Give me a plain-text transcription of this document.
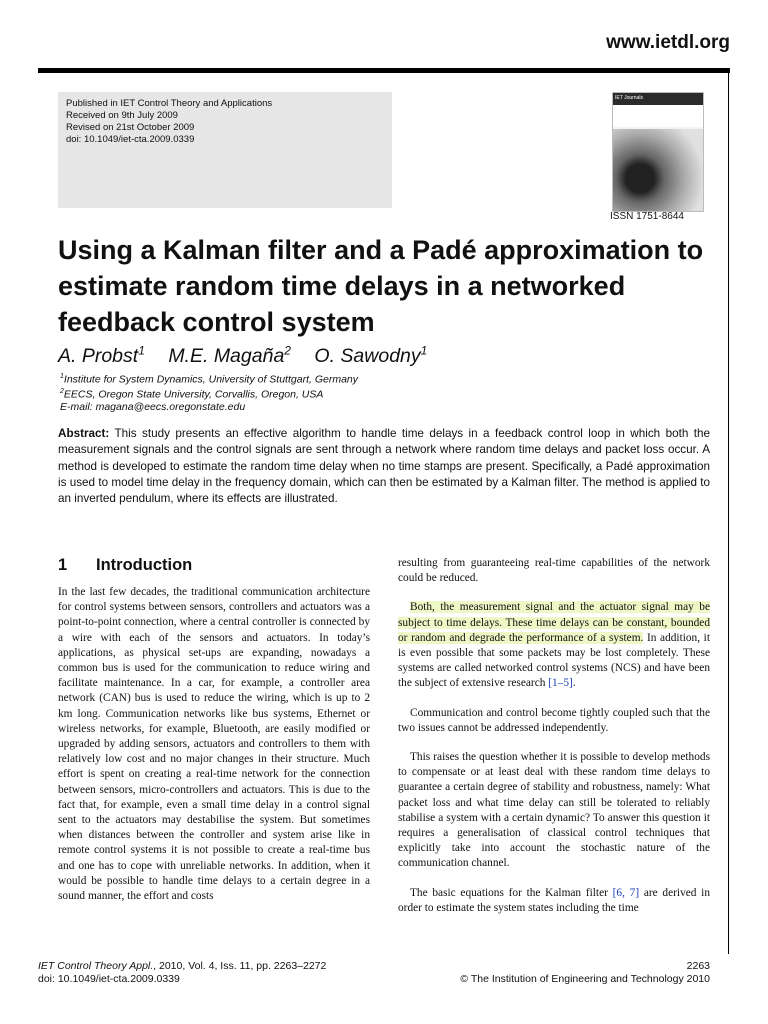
www.ietdl.org
Published in IET Control Theory and Applications
Received on 9th July 2009
Revised on 21st October 2009
doi: 10.1049/iet-cta.2009.0339
IET Journals
ISSN 1751-8644
Using a Kalman filter and a Padé approximation to estimate random time delays in a networked feedback control system
A. Probst$^1$ M.E. Magaña$^2$ O. Sawodny$^1$
$^1$Institute for System Dynamics, University of Stuttgart, Germany
$^2$EECS, Oregon State University, Corvallis, Oregon, USA
E-mail: magana@eecs.oregonstate.edu
Abstract: This study presents an effective algorithm to handle time delays in a feedback control loop in which both the measurement signals and the control signals are sent through a network where random time delays and packet loss occur. A method is developed to estimate the random time delay when no time stamps are present. Specifically, a Padé approximation is used to model time delay in the frequency domain, which can then be estimated by a Kalman filter. The method is applied to an inverted pendulum, where its effects are illustrated.
1 Introduction

In the last few decades, the traditional communication architecture for control systems between sensors, controllers and actuators was a point-to-point connection, where a central controller is connected by a wire with each of the sensors and actuators. In today’s applications, as physical set-ups are expanding, nowadays a common bus is used for the communication to reduce wiring and facilitate maintenance. In a car, for example, a controller area network (CAN) bus is used to reduce the wiring, which is up to 2 km long. Communication networks like bus systems, Ethernet or wireless networks, for example, Bluetooth, are easily modified or upgraded by adding sensors, actuators and controllers to them with relatively low cost and no major changes in their structure. Much effort is spent on creating a real-time network for the connection between sensors, micro-controllers and actuators. This is due to the fact that, for example, even a small time delay in a control signal sent to the actuators may destabilise the system. But sometimes when distances between the controller and system arise like in remote control systems it is not possible to create a real-time bus and one has to cope with unreliable networks. In addition, when it would be possible to handle time delays to a certain degree in a sound manner, the effort and costs

resulting from guaranteeing real-time capabilities of the network could be reduced.

Both, the measurement signal and the actuator signal may be subject to time delays. These time delays can be constant, bounded or random and degrade the performance of a system. In addition, it is even possible that some packets may be lost completely. These systems are called networked control systems (NCS) and have been the subject of extensive research [1–5].

Communication and control become tightly coupled such that the two issues cannot be addressed independently.

This raises the question whether it is possible to develop methods to compensate or at least deal with these random time delays to guarantee a certain degree of stability and robustness, namely: What packet loss and what time delay can still be tolerated to reliably stabilise a system with a certain dynamic? To answer this question it requires a generalisation of classical control techniques that explicitly take into account the stochastic nature of the communication channel.

The basic equations for the Kalman filter [6, 7] are derived in order to estimate the system states including the time

IET Control Theory Appl., 2010, Vol. 4, Iss. 11, pp. 2263–2272
doi: 10.1049/iet-cta.2009.0339
2263
© The Institution of Engineering and Technology 2010
